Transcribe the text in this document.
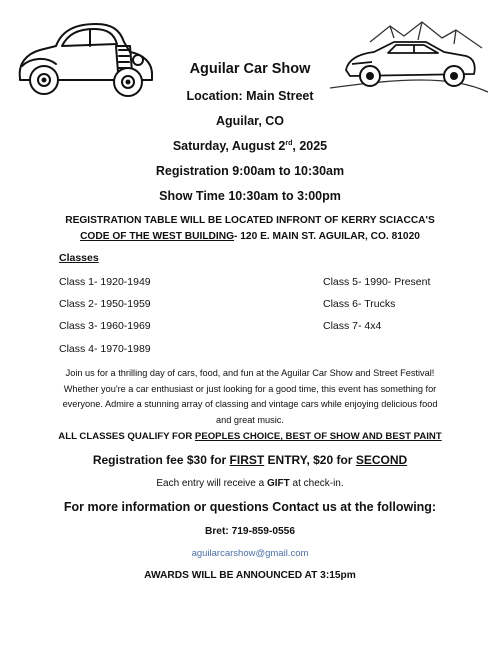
Aguilar Car Show
Location: Main Street
Aguilar, CO
Saturday, August 2rd, 2025
Registration 9:00am to 10:30am
Show Time 10:30am to 3:00pm
REGISTRATION TABLE WILL BE LOCATED INFRONT OF KERRY SCIACCA'S
CODE OF THE WEST BUILDING- 120 E. MAIN ST. AGUILAR, CO. 81020
Classes
Class 1- 1920-1949
Class 2- 1950-1959
Class 3- 1960-1969
Class 4- 1970-1989
Class 5- 1990- Present
Class 6- Trucks
Class 7- 4x4
Join us for a thrilling day of cars, food, and fun at the Aguilar Car Show and Street Festival! Whether you're a car enthusiast or just looking for a good time, this event has something for everyone. Admire a stunning array of classing and vintage cars while enjoying delicious food and great music.
ALL CLASSES QUALIFY FOR PEOPLES CHOICE, BEST OF SHOW AND BEST PAINT
Registration fee $30 for FIRST ENTRY, $20 for SECOND
Each entry will receive a GIFT at check-in.
For more information or questions Contact us at the following:
Bret: 719-859-0556
aguilarcarshow@gmail.com
AWARDS WILL BE ANNOUNCED AT 3:15pm
